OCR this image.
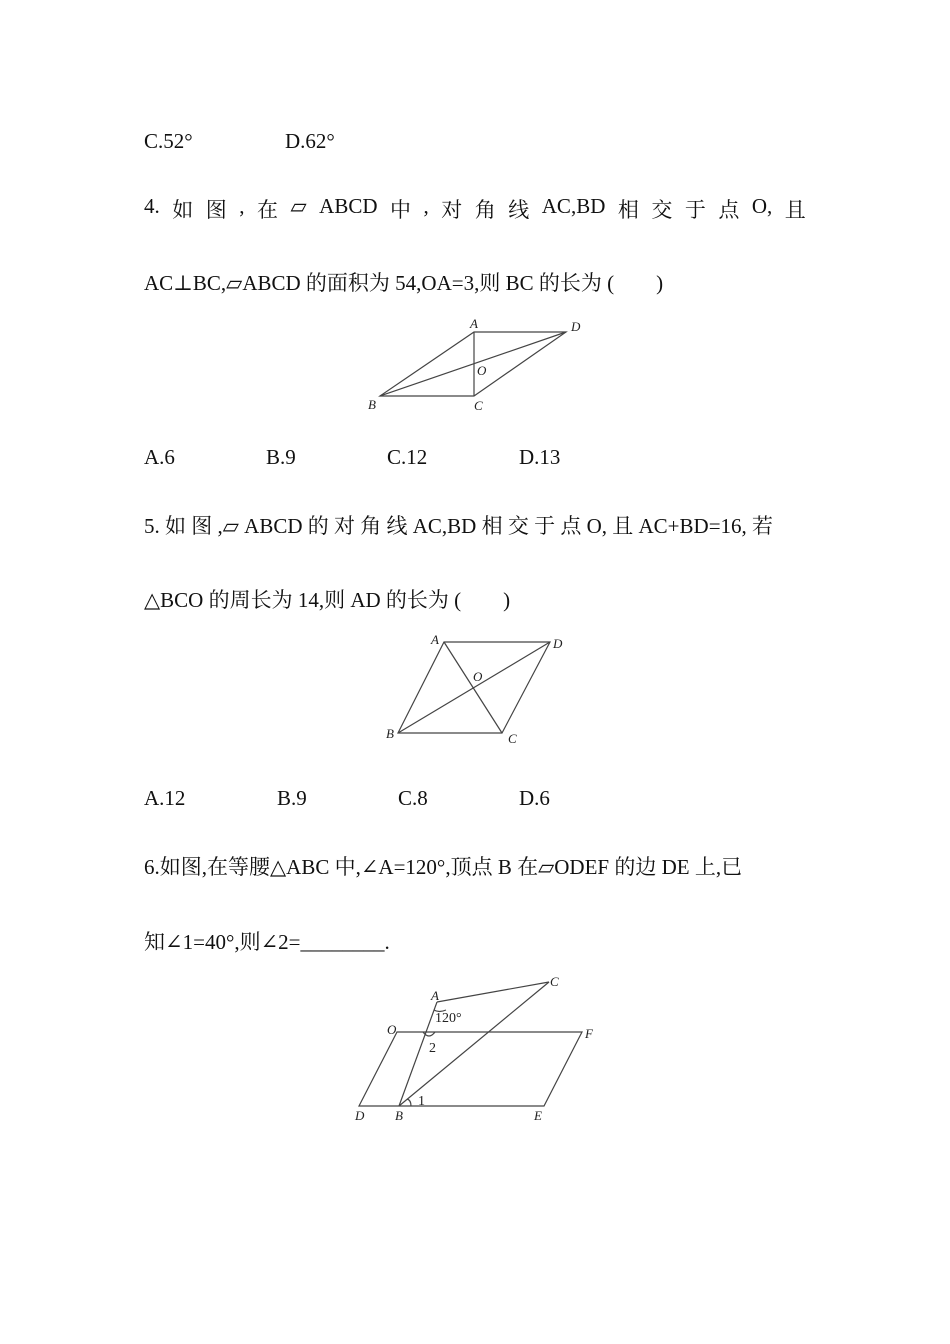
C.52°	D.62°
4. 如 图 , 在 ▱ ABCD 中 , 对 角 线 AC,BD 相 交 于 点 O, 且
AC⊥BC,▱ABCD 的面积为 54,OA=3,则 BC 的长为 (　　)
A	D
O
B	C
A.6	B.9	C.12	D.13
5. 如 图 ,▱ ABCD 的 对 角 线 AC,BD 相 交 于 点 O, 且 AC+BD=16, 若
△BCO 的周长为 14,则 AD 的长为 (　　)
A	D
O
B	C
A.12	B.9	C.8	D.6
6.如图,在等腰△ABC 中,∠A=120°,顶点 B 在▱ODEF 的边 DE 上,已
知∠1=40°,则∠2=________.
A
C
120°
O	F
2
1
D B	E
